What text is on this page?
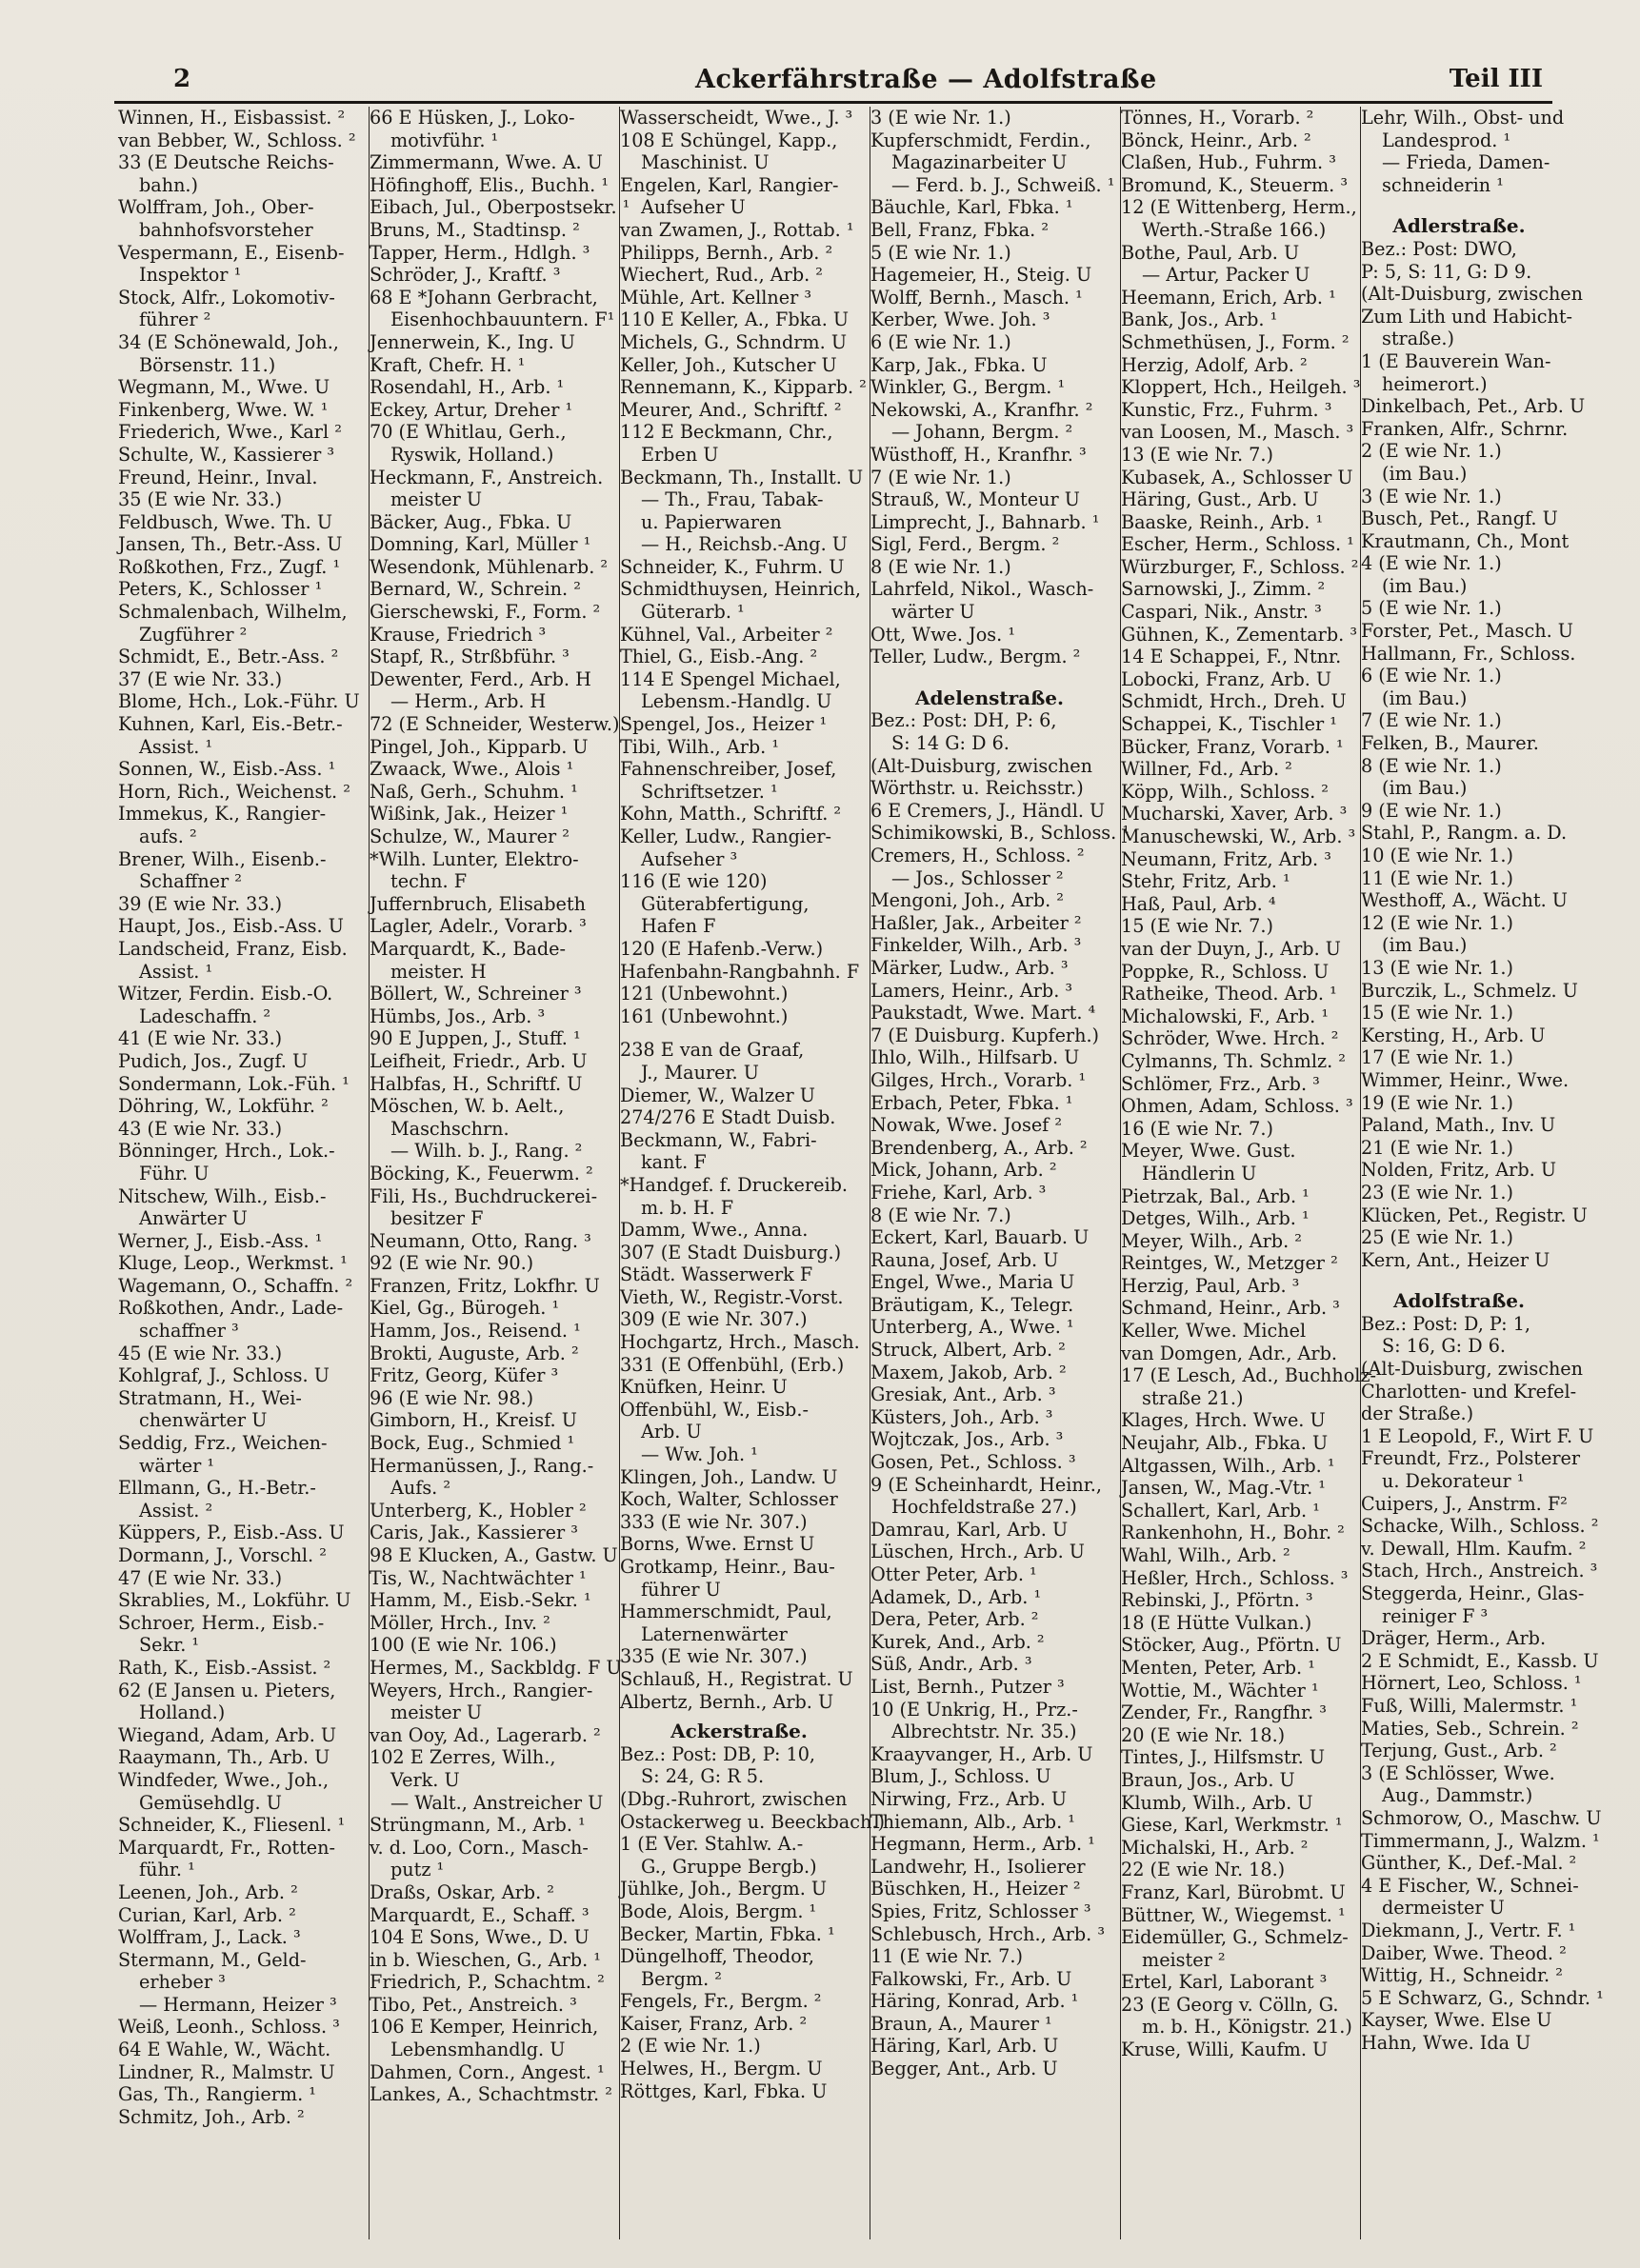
2	Ackerfährstraße — Adolfstraße	Teil III
Winnen, H., Eisbassist. ²
van Bebber, W., Schloss. ²
33 (E Deutsche Reichs-
bahn.)
Wolffram, Joh., Ober-
bahnhofsvorsteher
Vespermann, E., Eisenb-
Inspektor ¹
Stock, Alfr., Lokomotiv-
führer ²
34 (E Schönewald, Joh.,
Börsenstr. 11.)
Wegmann, M., Wwe. U
Finkenberg, Wwe. W. ¹
Friederich, Wwe., Karl ²
Schulte, W., Kassierer ³
Freund, Heinr., Inval.
35 (E wie Nr. 33.)
Feldbusch, Wwe. Th. U
Jansen, Th., Betr.-Ass. U
Roßkothen, Frz., Zugf. ¹
Peters, K., Schlosser ¹
Schmalenbach, Wilhelm,
Zugführer ²
Schmidt, E., Betr.-Ass. ²
37 (E wie Nr. 33.)
Blome, Hch., Lok.-Führ. U
Kuhnen, Karl, Eis.-Betr.-
Assist. ¹
Sonnen, W., Eisb.-Ass. ¹
Horn, Rich., Weichenst. ²
Immekus, K., Rangier-
aufs. ²
Brener, Wilh., Eisenb.-
Schaffner ²
39 (E wie Nr. 33.)
Haupt, Jos., Eisb.-Ass. U
Landscheid, Franz, Eisb.
Assist. ¹
Witzer, Ferdin. Eisb.-O.
Ladeschaffn. ²
41 (E wie Nr. 33.)
Pudich, Jos., Zugf. U
Sondermann, Lok.-Füh. ¹
Döhring, W., Lokführ. ²
43 (E wie Nr. 33.)
Bönninger, Hrch., Lok.-
Führ. U
Nitschew, Wilh., Eisb.-
Anwärter U
Werner, J., Eisb.-Ass. ¹
Kluge, Leop., Werkmst. ¹
Wagemann, O., Schaffn. ²
Roßkothen, Andr., Lade-
schaffner ³
45 (E wie Nr. 33.)
Kohlgraf, J., Schloss. U
Stratmann, H., Wei-
chenwärter U
Seddig, Frz., Weichen-
wärter ¹
Ellmann, G., H.-Betr.-
Assist. ²
Küppers, P., Eisb.-Ass. U
Dormann, J., Vorschl. ²
47 (E wie Nr. 33.)
Skrablies, M., Lokführ. U
Schroer, Herm., Eisb.-
Sekr. ¹
Rath, K., Eisb.-Assist. ²
62 (E Jansen u. Pieters,
Holland.)
Wiegand, Adam, Arb. U
Raaymann, Th., Arb. U
Windfeder, Wwe., Joh.,
Gemüsehdlg. U
Schneider, K., Fliesenl. ¹
Marquardt, Fr., Rotten-
führ. ¹
Leenen, Joh., Arb. ²
Curian, Karl, Arb. ²
Wolffram, J., Lack. ³
Stermann, M., Geld-
erheber ³
— Hermann, Heizer ³
Weiß, Leonh., Schloss. ³
64 E Wahle, W., Wächt.
Lindner, R., Malmstr. U
Gas, Th., Rangierm. ¹
Schmitz, Joh., Arb. ²
66 E Hüsken, J., Loko-
motivführ. ¹
Zimmermann, Wwe. A. U
Höfinghoff, Elis., Buchh. ¹
Eibach, Jul., Oberpostsekr. ¹
Bruns, M., Stadtinsp. ²
Tapper, Herm., Hdlgh. ³
Schröder, J., Kraftf. ³
68 E *Johann Gerbracht,
Eisenhochbauuntern. F¹
Jennerwein, K., Ing. U
Kraft, Chefr. H. ¹
Rosendahl, H., Arb. ¹
Eckey, Artur, Dreher ¹
70 (E Whitlau, Gerh.,
Ryswik, Holland.)
Heckmann, F., Anstreich.
meister U
Bäcker, Aug., Fbka. U
Domning, Karl, Müller ¹
Wesendonk, Mühlenarb. ²
Bernard, W., Schrein. ²
Gierschewski, F., Form. ²
Krause, Friedrich ³
Stapf, R., Strßbführ. ³
Dewenter, Ferd., Arb. H
— Herm., Arb. H
72 (E Schneider, Westerw.)
Pingel, Joh., Kipparb. U
Zwaack, Wwe., Alois ¹
Naß, Gerh., Schuhm. ¹
Wißink, Jak., Heizer ¹
Schulze, W., Maurer ²
*Wilh. Lunter, Elektro-
techn. F
Juffernbruch, Elisabeth
Lagler, Adelr., Vorarb. ³
Marquardt, K., Bade-
meister. H
Böllert, W., Schreiner ³
Hümbs, Jos., Arb. ³
90 E Juppen, J., Stuff. ¹
Leifheit, Friedr., Arb. U
Halbfas, H., Schriftf. U
Möschen, W. b. Aelt.,
Maschschrn.
— Wilh. b. J., Rang. ²
Böcking, K., Feuerwm. ²
Fili, Hs., Buchdruckerei-
besitzer F
Neumann, Otto, Rang. ³
92 (E wie Nr. 90.)
Franzen, Fritz, Lokfhr. U
Kiel, Gg., Bürogeh. ¹
Hamm, Jos., Reisend. ¹
Brokti, Auguste, Arb. ²
Fritz, Georg, Küfer ³
96 (E wie Nr. 98.)
Gimborn, H., Kreisf. U
Bock, Eug., Schmied ¹
Hermanüssen, J., Rang.-
Aufs. ²
Unterberg, K., Hobler ²
Caris, Jak., Kassierer ³
98 E Klucken, A., Gastw. U
Tis, W., Nachtwächter ¹
Hamm, M., Eisb.-Sekr. ¹
Möller, Hrch., Inv. ²
100 (E wie Nr. 106.)
Hermes, M., Sackbldg. F U
Weyers, Hrch., Rangier-
meister U
van Ooy, Ad., Lagerarb. ²
102 E Zerres, Wilh.,
Verk. U
— Walt., Anstreicher U
Strüngmann, M., Arb. ¹
v. d. Loo, Corn., Masch-
putz ¹
Draßs, Oskar, Arb. ²
Marquardt, E., Schaff. ³
104 E Sons, Wwe., D. U
in b. Wieschen, G., Arb. ¹
Friedrich, P., Schachtm. ²
Tibo, Pet., Anstreich. ³
106 E Kemper, Heinrich,
Lebensmhandlg. U
Dahmen, Corn., Angest. ¹
Lankes, A., Schachtmstr. ²
Wasserscheidt, Wwe., J. ³
108 E Schüngel, Kapp.,
Maschinist. U
Engelen, Karl, Rangier-
Aufseher U
van Zwamen, J., Rottab. ¹
Philipps, Bernh., Arb. ²
Wiechert, Rud., Arb. ²
Mühle, Art. Kellner ³
110 E Keller, A., Fbka. U
Michels, G., Schndrm. U
Keller, Joh., Kutscher U
Rennemann, K., Kipparb. ²
Meurer, And., Schriftf. ²
112 E Beckmann, Chr.,
Erben U
Beckmann, Th., Installt. U
— Th., Frau, Tabak-
u. Papierwaren
— H., Reichsb.-Ang. U
Schneider, K., Fuhrm. U
Schmidthuysen, Heinrich,
Güterarb. ¹
Kühnel, Val., Arbeiter ²
Thiel, G., Eisb.-Ang. ²
114 E Spengel Michael,
Lebensm.-Handlg. U
Spengel, Jos., Heizer ¹
Tibi, Wilh., Arb. ¹
Fahnenschreiber, Josef,
Schriftsetzer. ¹
Kohn, Matth., Schriftf. ²
Keller, Ludw., Rangier-
Aufseher ³
116 (E wie 120)
Güterabfertigung,
Hafen F
120 (E Hafenb.-Verw.)
Hafenbahn-Rangbahnh. F
121 (Unbewohnt.)
161 (Unbewohnt.)
238 E van de Graaf,
J., Maurer. U
Diemer, W., Walzer U
274/276 E Stadt Duisb.
Beckmann, W., Fabri-
kant. F
*Handgef. f. Druckereib.
m. b. H. F
Damm, Wwe., Anna.
307 (E Stadt Duisburg.)
Städt. Wasserwerk F
Vieth, W., Registr.-Vorst.
309 (E wie Nr. 307.)
Hochgartz, Hrch., Masch.
331 (E Offenbühl, (Erb.)
Knüfken, Heinr. U
Offenbühl, W., Eisb.-
Arb. U
— Ww. Joh. ¹
Klingen, Joh., Landw. U
Koch, Walter, Schlosser
333 (E wie Nr. 307.)
Borns, Wwe. Ernst U
Grotkamp, Heinr., Bau-
führer U
Hammerschmidt, Paul,
Laternenwärter
335 (E wie Nr. 307.)
Schlauß, H., Registrat. U
Albertz, Bernh., Arb. U
Ackerstraße.
Bez.: Post: DB, P: 10,
S: 24, G: R 5.
(Dbg.-Ruhrort, zwischen
Ostackerweg u. Beeckbach.)
1 (E Ver. Stahlw. A.-
G., Gruppe Bergb.)
Jühlke, Joh., Bergm. U
Bode, Alois, Bergm. ¹
Becker, Martin, Fbka. ¹
Düngelhoff, Theodor,
Bergm. ²
Fengels, Fr., Bergm. ²
Kaiser, Franz, Arb. ²
2 (E wie Nr. 1.)
Helwes, H., Bergm. U
Röttges, Karl, Fbka. U
3 (E wie Nr. 1.)
Kupferschmidt, Ferdin.,
Magazinarbeiter U
— Ferd. b. J., Schweiß. ¹
Bäuchle, Karl, Fbka. ¹
Bell, Franz, Fbka. ²
5 (E wie Nr. 1.)
Hagemeier, H., Steig. U
Wolff, Bernh., Masch. ¹
Kerber, Wwe. Joh. ³
6 (E wie Nr. 1.)
Karp, Jak., Fbka. U
Winkler, G., Bergm. ¹
Nekowski, A., Kranfhr. ²
— Johann, Bergm. ²
Wüsthoff, H., Kranfhr. ³
7 (E wie Nr. 1.)
Strauß, W., Monteur U
Limprecht, J., Bahnarb. ¹
Sigl, Ferd., Bergm. ²
8 (E wie Nr. 1.)
Lahrfeld, Nikol., Wasch-
wärter U
Ott, Wwe. Jos. ¹
Teller, Ludw., Bergm. ²
Adelenstraße.
Bez.: Post: DH, P: 6,
S: 14 G: D 6.
(Alt-Duisburg, zwischen
Wörthstr. u. Reichsstr.)
6 E Cremers, J., Händl. U
Schimikowski, B., Schloss. ¹
Cremers, H., Schloss. ²
— Jos., Schlosser ²
Mengoni, Joh., Arb. ²
Haßler, Jak., Arbeiter ²
Finkelder, Wilh., Arb. ³
Märker, Ludw., Arb. ³
Lamers, Heinr., Arb. ³
Paukstadt, Wwe. Mart. ⁴
7 (E Duisburg. Kupferh.)
Ihlo, Wilh., Hilfsarb. U
Gilges, Hrch., Vorarb. ¹
Erbach, Peter, Fbka. ¹
Nowak, Wwe. Josef ²
Brendenberg, A., Arb. ²
Mick, Johann, Arb. ²
Friehe, Karl, Arb. ³
8 (E wie Nr. 7.)
Eckert, Karl, Bauarb. U
Rauna, Josef, Arb. U
Engel, Wwe., Maria U
Bräutigam, K., Telegr.
Unterberg, A., Wwe. ¹
Struck, Albert, Arb. ²
Maxem, Jakob, Arb. ²
Gresiak, Ant., Arb. ³
Küsters, Joh., Arb. ³
Wojtczak, Jos., Arb. ³
Gosen, Pet., Schloss. ³
9 (E Scheinhardt, Heinr.,
Hochfeldstraße 27.)
Damrau, Karl, Arb. U
Lüschen, Hrch., Arb. U
Otter Peter, Arb. ¹
Adamek, D., Arb. ¹
Dera, Peter, Arb. ²
Kurek, And., Arb. ²
Süß, Andr., Arb. ³
List, Bernh., Putzer ³
10 (E Unkrig, H., Prz.-
Albrechtstr. Nr. 35.)
Kraayvanger, H., Arb. U
Blum, J., Schloss. U
Nirwing, Frz., Arb. U
Thiemann, Alb., Arb. ¹
Hegmann, Herm., Arb. ¹
Landwehr, H., Isolierer
Büschken, H., Heizer ²
Spies, Fritz, Schlosser ³
Schlebusch, Hrch., Arb. ³
11 (E wie Nr. 7.)
Falkowski, Fr., Arb. U
Häring, Konrad, Arb. ¹
Braun, A., Maurer ¹
Häring, Karl, Arb. U
Begger, Ant., Arb. U
Tönnes, H., Vorarb. ²
Bönck, Heinr., Arb. ²
Claßen, Hub., Fuhrm. ³
Bromund, K., Steuerm. ³
12 (E Wittenberg, Herm.,
Werth.-Straße 166.)
Bothe, Paul, Arb. U
— Artur, Packer U
Heemann, Erich, Arb. ¹
Bank, Jos., Arb. ¹
Schmethüsen, J., Form. ²
Herzig, Adolf, Arb. ²
Kloppert, Hch., Heilgeh. ³
Kunstic, Frz., Fuhrm. ³
van Loosen, M., Masch. ³
13 (E wie Nr. 7.)
Kubasek, A., Schlosser U
Häring, Gust., Arb. U
Baaske, Reinh., Arb. ¹
Escher, Herm., Schloss. ¹
Würzburger, F., Schloss. ²
Sarnowski, J., Zimm. ²
Caspari, Nik., Anstr. ³
Gühnen, K., Zementarb. ³
14 E Schappei, F., Ntnr.
Lobocki, Franz, Arb. U
Schmidt, Hrch., Dreh. U
Schappei, K., Tischler ¹
Bücker, Franz, Vorarb. ¹
Willner, Fd., Arb. ²
Köpp, Wilh., Schloss. ²
Mucharski, Xaver, Arb. ³
Manuschewski, W., Arb. ³
Neumann, Fritz, Arb. ³
Stehr, Fritz, Arb. ¹
Haß, Paul, Arb. ⁴
15 (E wie Nr. 7.)
van der Duyn, J., Arb. U
Poppke, R., Schloss. U
Ratheike, Theod. Arb. ¹
Michalowski, F., Arb. ¹
Schröder, Wwe. Hrch. ²
Cylmanns, Th. Schmlz. ²
Schlömer, Frz., Arb. ³
Ohmen, Adam, Schloss. ³
16 (E wie Nr. 7.)
Meyer, Wwe. Gust.
Händlerin U
Pietrzak, Bal., Arb. ¹
Detges, Wilh., Arb. ¹
Meyer, Wilh., Arb. ²
Reintges, W., Metzger ²
Herzig, Paul, Arb. ³
Schmand, Heinr., Arb. ³
Keller, Wwe. Michel
van Domgen, Adr., Arb.
17 (E Lesch, Ad., Buchholz-
straße 21.)
Klages, Hrch. Wwe. U
Neujahr, Alb., Fbka. U
Altgassen, Wilh., Arb. ¹
Jansen, W., Mag.-Vtr. ¹
Schallert, Karl, Arb. ¹
Rankenhohn, H., Bohr. ²
Wahl, Wilh., Arb. ²
Heßler, Hrch., Schloss. ³
Rebinski, J., Pförtn. ³
18 (E Hütte Vulkan.)
Stöcker, Aug., Pförtn. U
Menten, Peter, Arb. ¹
Wottie, M., Wächter ¹
Zender, Fr., Rangfhr. ³
20 (E wie Nr. 18.)
Tintes, J., Hilfsmstr. U
Braun, Jos., Arb. U
Klumb, Wilh., Arb. U
Giese, Karl, Werkmstr. ¹
Michalski, H., Arb. ²
22 (E wie Nr. 18.)
Franz, Karl, Bürobmt. U
Büttner, W., Wiegemst. ¹
Eidemüller, G., Schmelz-
meister ²
Ertel, Karl, Laborant ³
23 (E Georg v. Cölln, G.
m. b. H., Königstr. 21.)
Kruse, Willi, Kaufm. U
Lehr, Wilh., Obst- und
Landesprod. ¹
— Frieda, Damen-
schneiderin ¹
Adlerstraße.
Bez.: Post: DWO,
P: 5, S: 11, G: D 9.
(Alt-Duisburg, zwischen
Zum Lith und Habicht-
straße.)
1 (E Bauverein Wan-
heimerort.)
Dinkelbach, Pet., Arb. U
Franken, Alfr., Schrnr.
2 (E wie Nr. 1.)
(im Bau.)
3 (E wie Nr. 1.)
Busch, Pet., Rangf. U
Krautmann, Ch., Mont
4 (E wie Nr. 1.)
(im Bau.)
5 (E wie Nr. 1.)
Forster, Pet., Masch. U
Hallmann, Fr., Schloss.
6 (E wie Nr. 1.)
(im Bau.)
7 (E wie Nr. 1.)
Felken, B., Maurer.
8 (E wie Nr. 1.)
(im Bau.)
9 (E wie Nr. 1.)
Stahl, P., Rangm. a. D.
10 (E wie Nr. 1.)
11 (E wie Nr. 1.)
Westhoff, A., Wächt. U
12 (E wie Nr. 1.)
(im Bau.)
13 (E wie Nr. 1.)
Burczik, L., Schmelz. U
15 (E wie Nr. 1.)
Kersting, H., Arb. U
17 (E wie Nr. 1.)
Wimmer, Heinr., Wwe.
19 (E wie Nr. 1.)
Paland, Math., Inv. U
21 (E wie Nr. 1.)
Nolden, Fritz, Arb. U
23 (E wie Nr. 1.)
Klücken, Pet., Registr. U
25 (E wie Nr. 1.)
Kern, Ant., Heizer U
Adolfstraße.
Bez.: Post: D, P: 1,
S: 16, G: D 6.
(Alt-Duisburg, zwischen
Charlotten- und Krefel-
der Straße.)
1 E Leopold, F., Wirt F. U
Freundt, Frz., Polsterer
u. Dekorateur ¹
Cuipers, J., Anstrm. F²
Schacke, Wilh., Schloss. ²
v. Dewall, Hlm. Kaufm. ²
Stach, Hrch., Anstreich. ³
Steggerda, Heinr., Glas-
reiniger F ³
Dräger, Herm., Arb.
2 E Schmidt, E., Kassb. U
Hörnert, Leo, Schloss. ¹
Fuß, Willi, Malermstr. ¹
Maties, Seb., Schrein. ²
Terjung, Gust., Arb. ²
3 (E Schlösser, Wwe.
Aug., Dammstr.)
Schmorow, O., Maschw. U
Timmermann, J., Walzm. ¹
Günther, K., Def.-Mal. ²
4 E Fischer, W., Schnei-
dermeister U
Diekmann, J., Vertr. F. ¹
Daiber, Wwe. Theod. ²
Wittig, H., Schneidr. ²
5 E Schwarz, G., Schndr. ¹
Kayser, Wwe. Else U
Hahn, Wwe. Ida U
